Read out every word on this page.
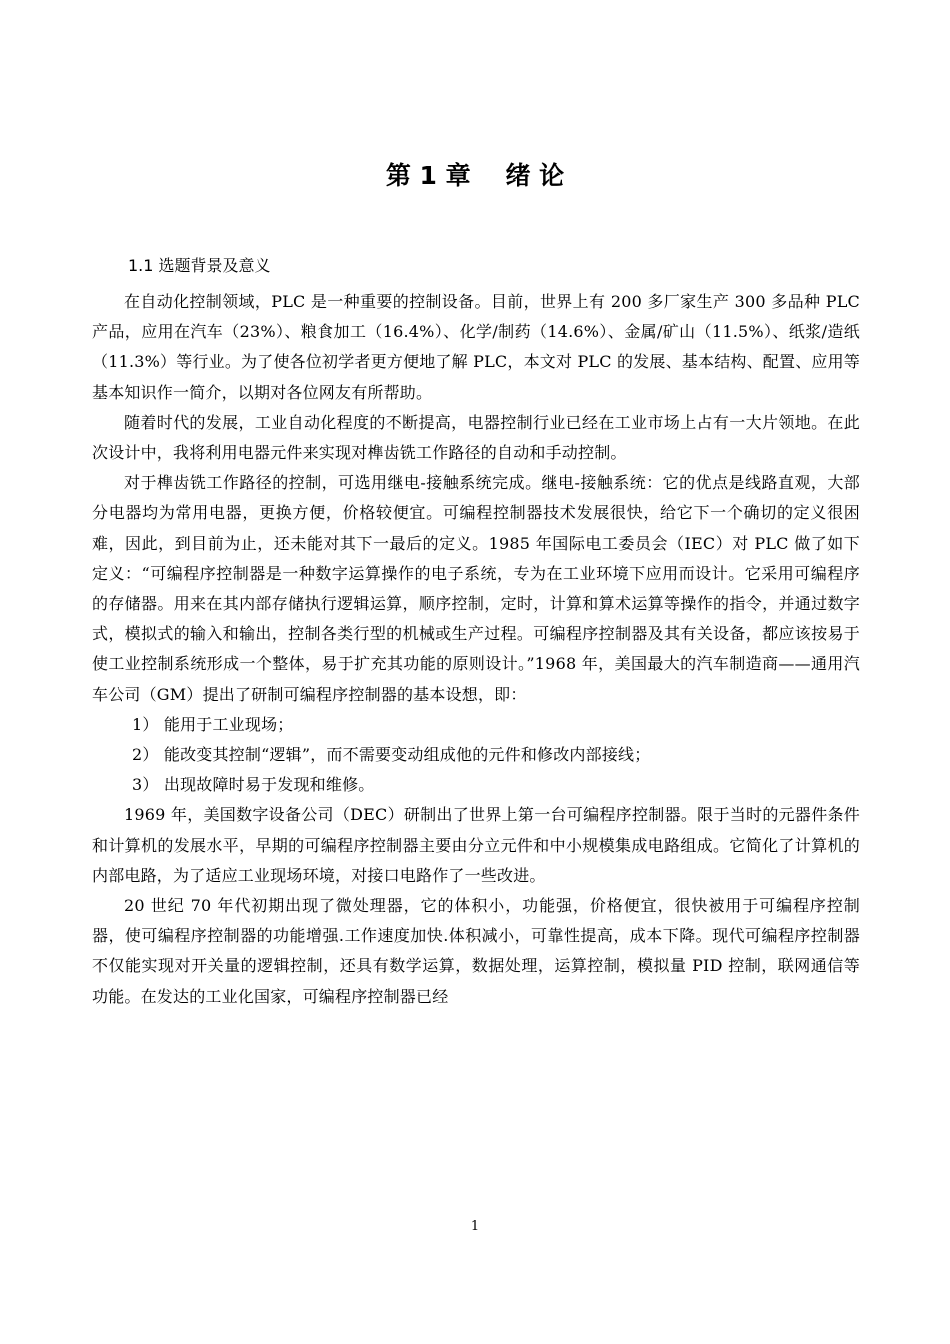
第 1 章    绪 论
1.1 选题背景及意义

在自动化控制领域，PLC 是一种重要的控制设备。目前，世界上有 200 多厂家生产 300 多品种 PLC 产品，应用在汽车（23%）、粮食加工（16.4%）、化学/制药（14.6%）、金属/矿山（11.5%）、纸浆/造纸（11.3%）等行业。为了使各位初学者更方便地了解 PLC，本文对 PLC 的发展、基本结构、配置、应用等基本知识作一简介，以期对各位网友有所帮助。

随着时代的发展，工业自动化程度的不断提高，电器控制行业已经在工业市场上占有一大片领地。在此次设计中，我将利用电器元件来实现对榫齿铣工作路径的自动和手动控制。

对于榫齿铣工作路径的控制，可选用继电-接触系统完成。继电-接触系统：它的优点是线路直观，大部分电器均为常用电器，更换方便，价格较便宜。可编程控制器技术发展很快，给它下一个确切的定义很困难，因此，到目前为止，还未能对其下一最后的定义。1985 年国际电工委员会（IEC）对 PLC 做了如下定义：“可编程序控制器是一种数字运算操作的电子系统，专为在工业环境下应用而设计。它采用可编程序的存储器。用来在其内部存储执行逻辑运算，顺序控制，定时，计算和算术运算等操作的指令，并通过数字式，模拟式的输入和输出，控制各类行型的机械或生产过程。可编程序控制器及其有关设备，都应该按易于使工业控制系统形成一个整体，易于扩充其功能的原则设计。”1968 年，美国最大的汽车制造商——通用汽车公司（GM）提出了研制可编程序控制器的基本设想，即：

1） 能用于工业现场；

2） 能改变其控制“逻辑”，而不需要变动组成他的元件和修改内部接线；

3） 出现故障时易于发现和维修。

1969 年，美国数字设备公司（DEC）研制出了世界上第一台可编程序控制器。限于当时的元器件条件和计算机的发展水平，早期的可编程序控制器主要由分立元件和中小规模集成电路组成。它简化了计算机的内部电路，为了适应工业现场环境，对接口电路作了一些改进。

20 世纪 70 年代初期出现了微处理器，它的体积小，功能强，价格便宜，很快被用于可编程序控制器，使可编程序控制器的功能增强.工作速度加快.体积减小，可靠性提高，成本下降。现代可编程序控制器不仅能实现对开关量的逻辑控制，还具有数学运算，数据处理，运算控制，模拟量 PID 控制，联网通信等功能。在发达的工业化国家，可编程序控制器已经

1
